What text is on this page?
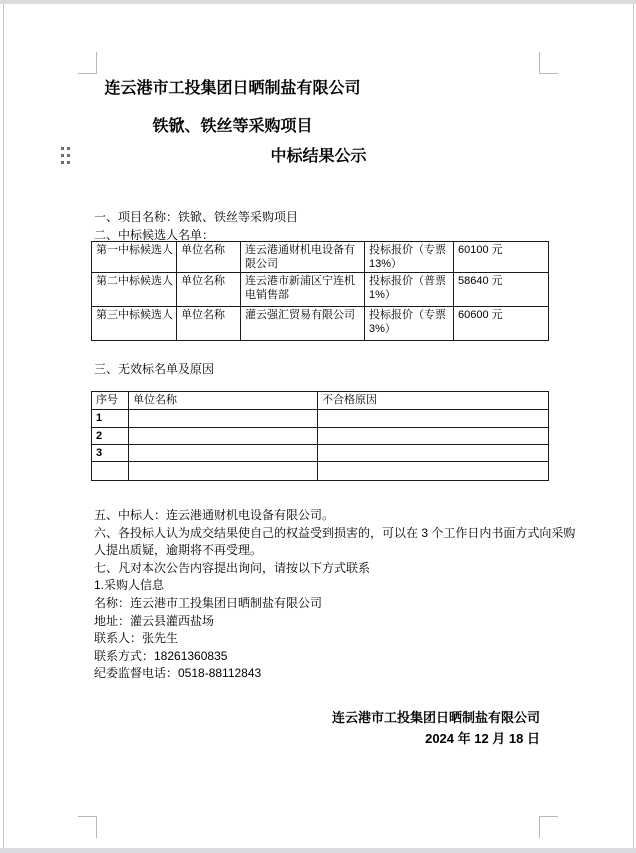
连云港市工投集团日晒制盐有限公司
铁锨、铁丝等采购项目
中标结果公示
一、项目名称：铁锨、铁丝等采购项目
二、中标候选人名单：
第一中标候选人	单位名称	连云港通财机电设备有限公司	投标报价（专票13%）	60100 元
第二中标候选人	单位名称	连云港市新浦区宁连机电销售部	投标报价（普票1%）	58640 元
第三中标候选人	单位名称	灌云强汇贸易有限公司	投标报价（专票3%）	60600 元
三、无效标名单及原因
序号	单位名称	不合格原因
1		
2		
3		

五、中标人：连云港通财机电设备有限公司。
六、各投标人认为成交结果使自己的权益受到损害的，可以在 3 个工作日内书面方式向采购
人提出质疑，逾期将不再受理。
七、凡对本次公告内容提出询问，请按以下方式联系
1.采购人信息
名称：连云港市工投集团日晒制盐有限公司
地址：灌云县灌西盐场
联系人：张先生
联系方式：18261360835
纪委监督电话：0518-88112843
连云港市工投集团日晒制盐有限公司
2024 年 12 月 18 日
